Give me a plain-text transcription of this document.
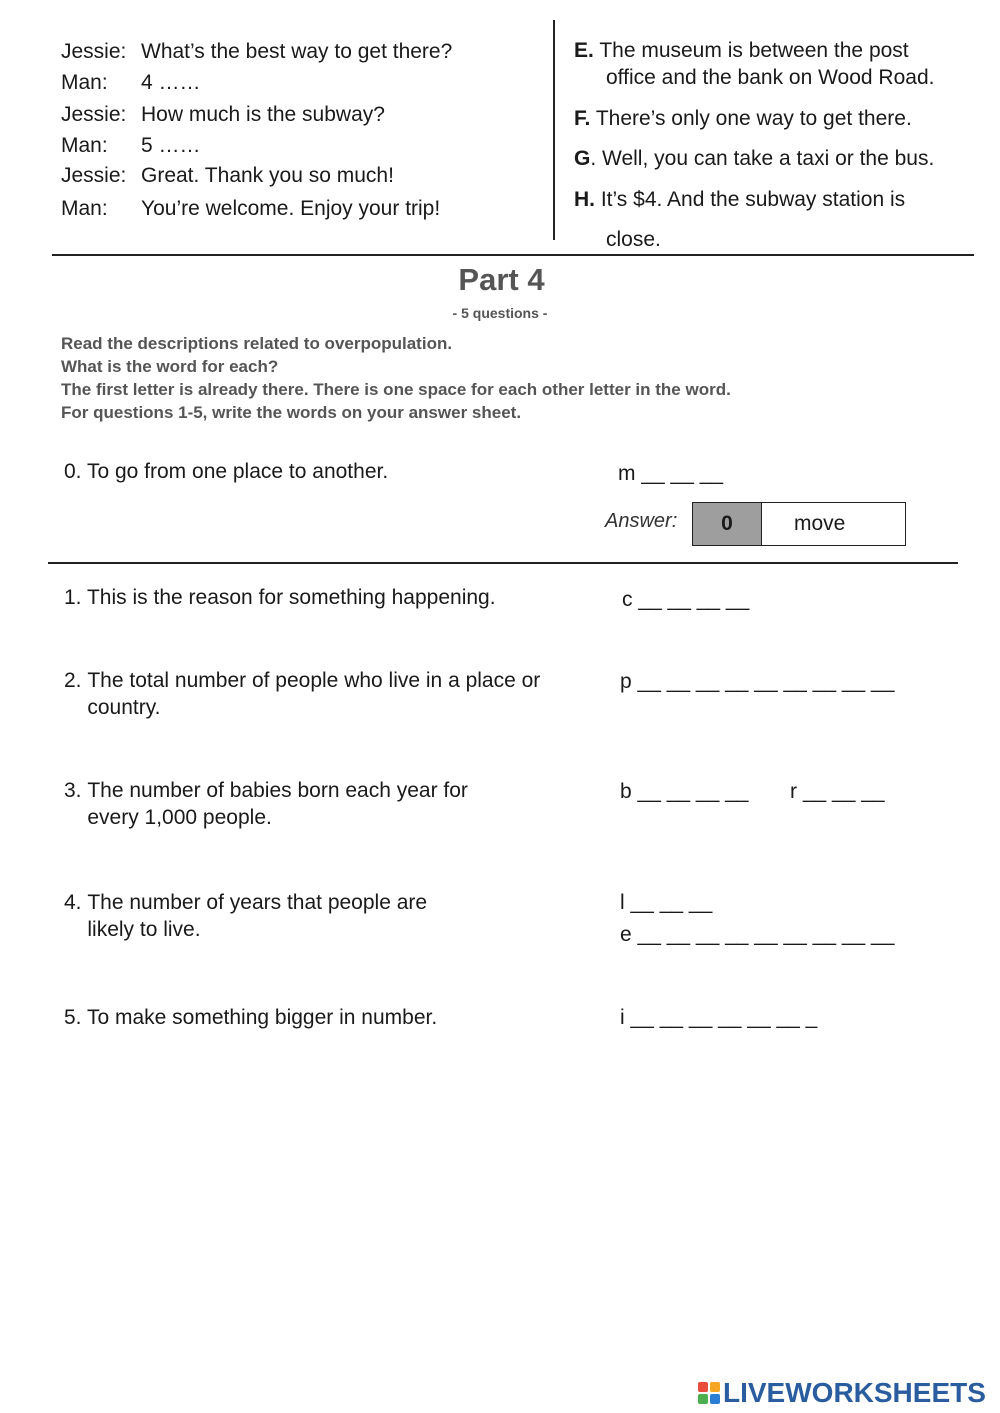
Jessie: What’s the best way to get there?
Man: 4 ……
Jessie: How much is the subway?
Man: 5 ……
Jessie: Great. Thank you so much!
Man: You’re welcome. Enjoy your trip!
E. The museum is between the post
office and the bank on Wood Road.
F. There’s only one way to get there.
G. Well, you can take a taxi or the bus.
H. It’s $4. And the subway station is
close.
Part 4
- 5 questions -
Read the descriptions related to overpopulation.
What is the word for each?
The first letter is already there. There is one space for each other letter in the word.
For questions 1-5, write the words on your answer sheet.
0. To go from one place to another.	m __ __ __
Answer:	0	move
1. This is the reason for something happening.	c __ __ __ __
2. The total number of people who live in a place or country.
p __ __ __ __ __ __ __ __ __
3. The number of babies born each year for every 1,000 people.
b __ __ __ __ r __ __ __
4. The number of years that people are likely to live.
l __ __ __
e __ __ __ __ __ __ __ __ __
5. To make something bigger in number.	i __ __ __ __ __ __ _
LIVEWORKSHEETS
